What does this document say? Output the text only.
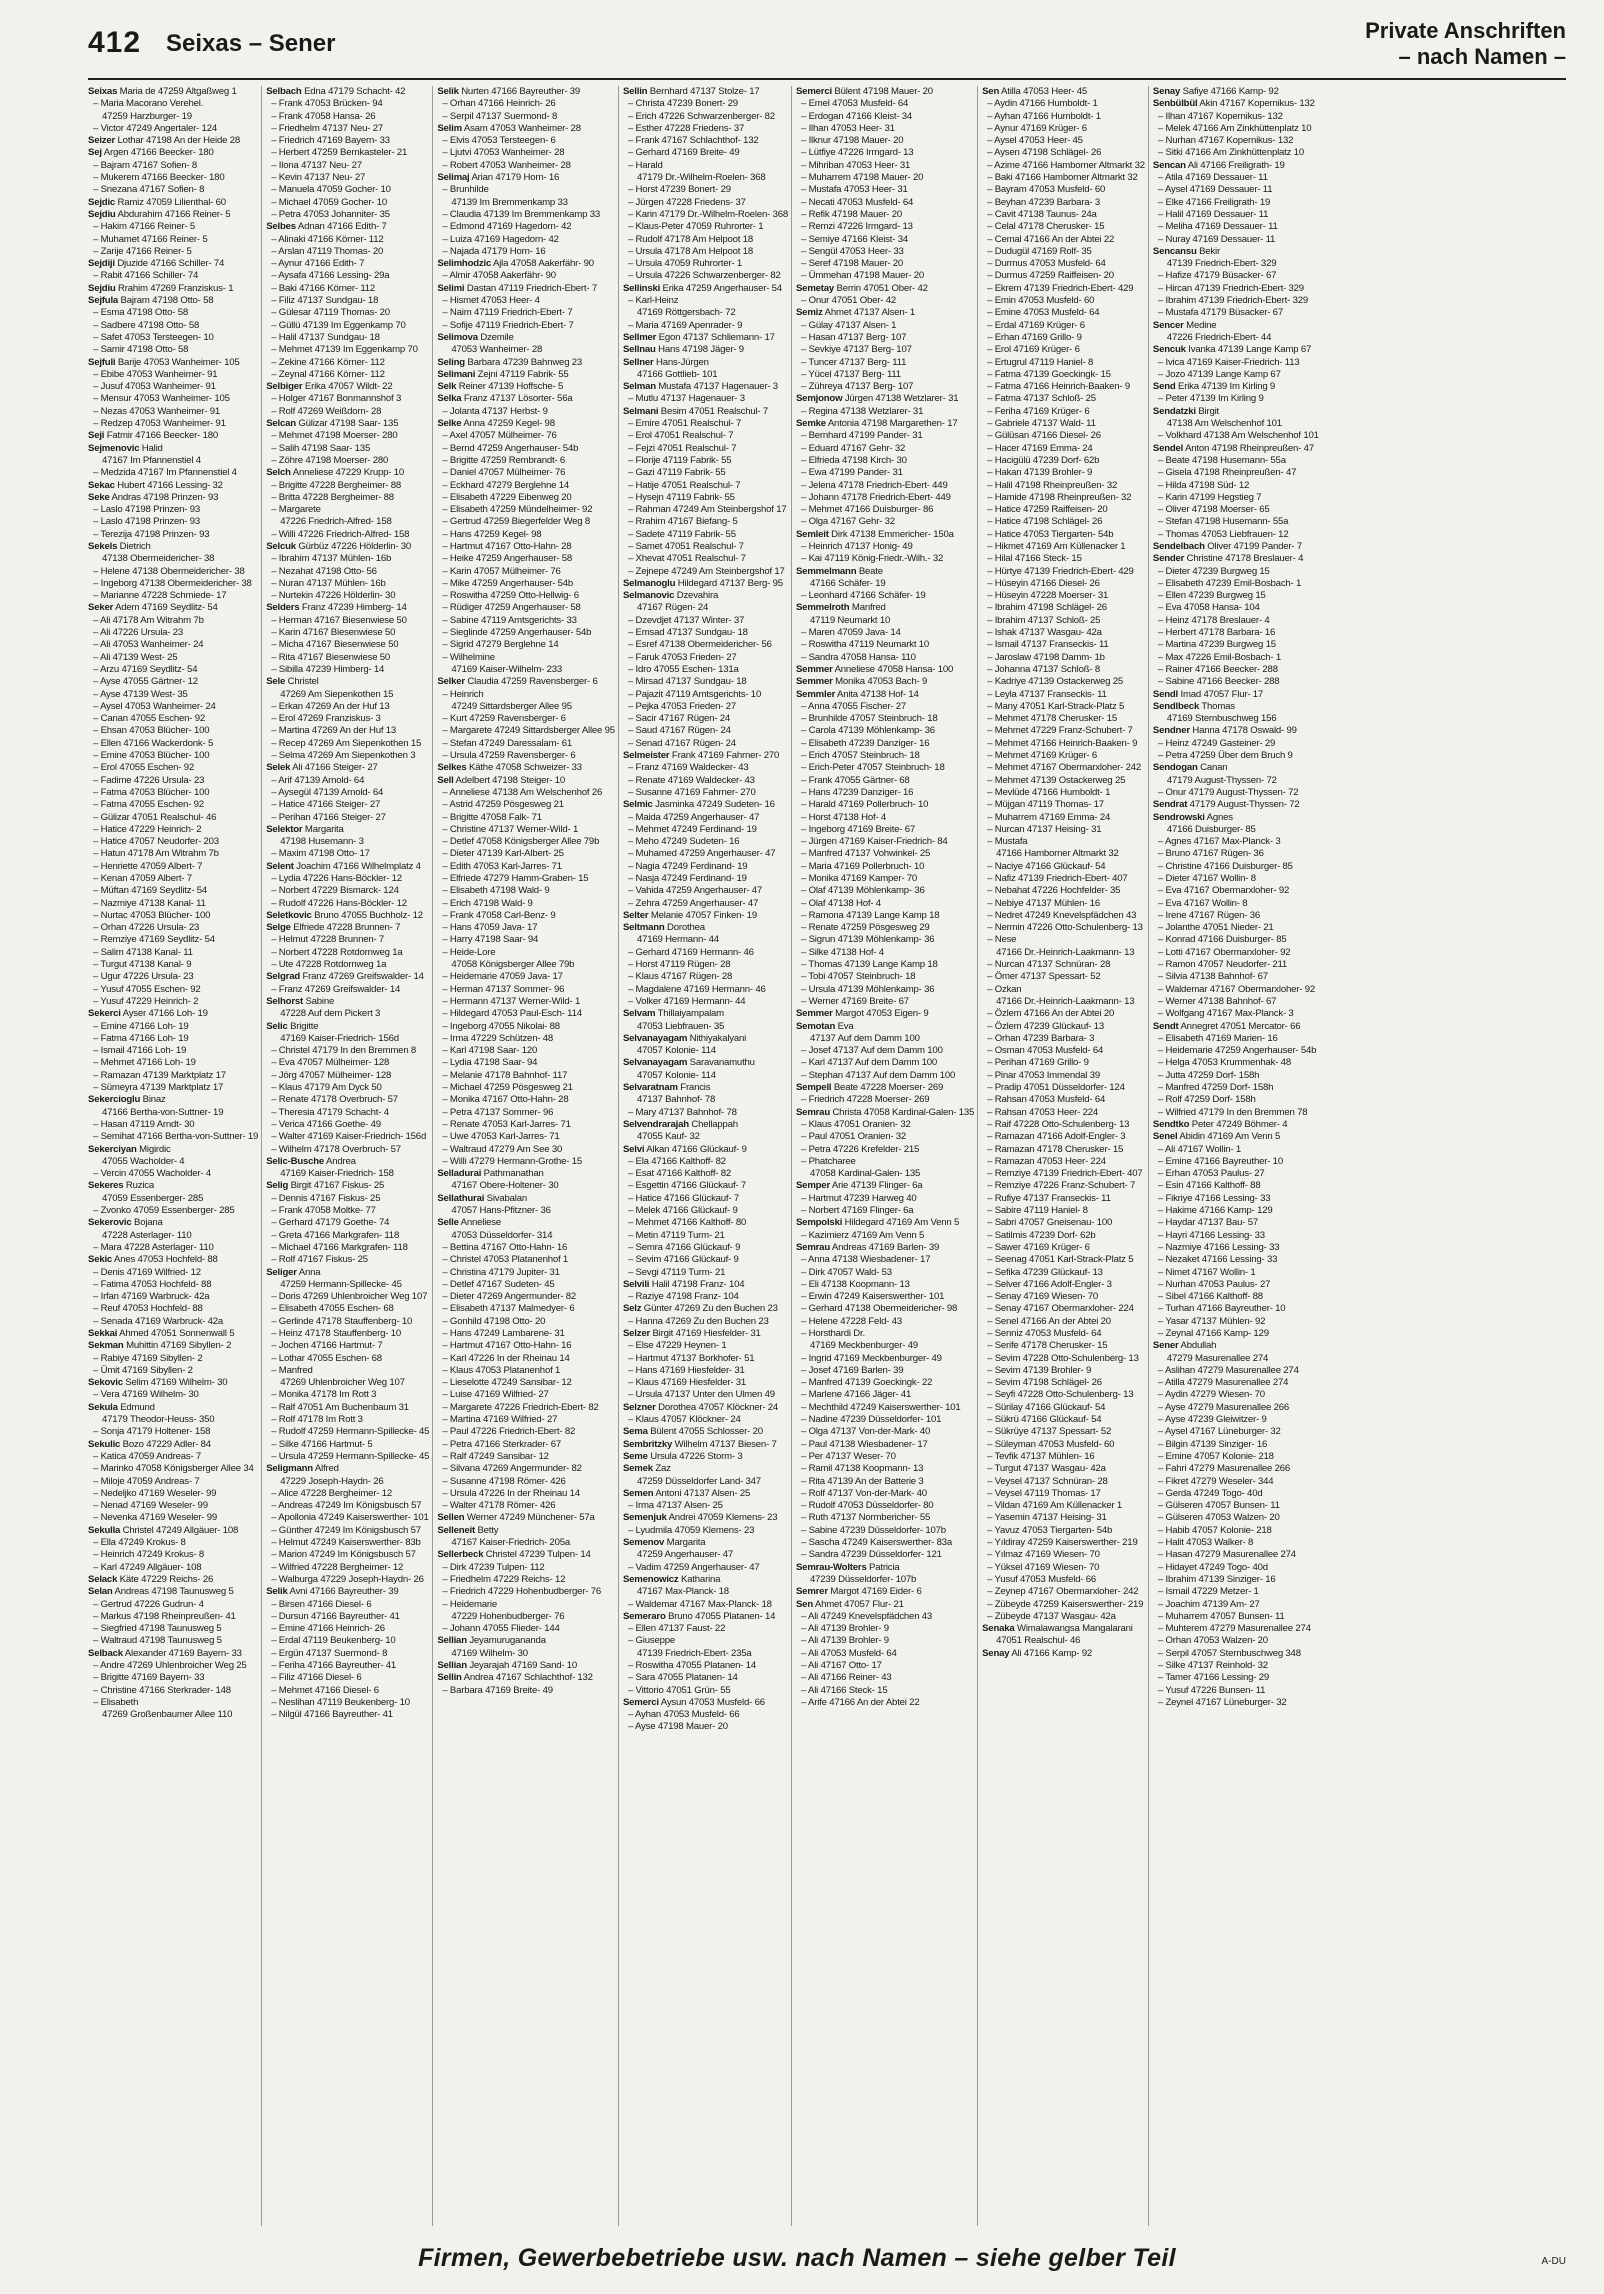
412 Seixas – Sener	Private Anschriften
– nach Namen –
Seixas Maria de 47259 Altgaßweg 1
– Maria Macorano Verehel.
47259 Harzburger- 19
– Victor 47249 Angertaler- 124
Seizer Lothar 47198 An der Heide 28
Sej Argen 47166 Beecker- 180
– Bajram 47167 Sofien- 8
– Mukerem 47166 Beecker- 180
– Snezana 47167 Sofien- 8
Sejdic Ramiz 47059 Lilienthal- 60
Sejdiu Abdurahim 47166 Reiner- 5
– Hakim 47166 Reiner- 5
– Muhamet 47166 Reiner- 5
– Zarije 47166 Reiner- 5
Sejdiji Djuzide 47166 Schiller- 74
– Rabit 47166 Schiller- 74
Sejdiu Rrahim 47269 Franziskus- 1
Sejfula Bajram 47198 Otto- 58
– Esma 47198 Otto- 58
– Sadbere 47198 Otto- 58
– Safet 47053 Tersteegen- 10
– Samir 47198 Otto- 58
Sejfuli Barije 47053 Wanheimer- 105
– Ebibe 47053 Wanheimer- 91
– Jusuf 47053 Wanheimer- 91
– Mensur 47053 Wanheimer- 105
– Nezas 47053 Wanheimer- 91
– Redzep 47053 Wanheimer- 91
Seji Fatmir 47166 Beecker- 180
Sejmenovic Halid
47167 Im Pfannenstiel 4
– Medzida 47167 Im Pfannenstiel 4
Sekac Hubert 47166 Lessing- 32
Seke Andras 47198 Prinzen- 93
– Laslo 47198 Prinzen- 93
– Laslo 47198 Prinzen- 93
– Terezija 47198 Prinzen- 93
Sekels Dietrich
47138 Obermeidericher- 38
– Helene 47138 Obermeidericher- 38
– Ingeborg 47138 Obermeidericher- 38
– Marianne 47228 Schmiede- 17
Seker Adem 47169 Seydlitz- 54
– Ali 47178 Am Witrahm 7b
– Ali 47226 Ursula- 23
– Ali 47053 Wanheimer- 24
– Ali 47139 West- 25
– Arzu 47169 Seydlitz- 54
– Ayse 47055 Gärtner- 12
– Ayse 47139 West- 35
– Aysel 47053 Wanheimer- 24
– Canan 47055 Eschen- 92
– Ehsan 47053 Blücher- 100
– Ellen 47166 Wackerdonk- 5
– Emine 47053 Blücher- 100
– Erol 47055 Eschen- 92
– Fadime 47226 Ursula- 23
– Fatma 47053 Blücher- 100
– Fatma 47055 Eschen- 92
– Gülizar 47051 Realschul- 46
– Hatice 47229 Heinrich- 2
– Hatice 47057 Neudorfer- 203
– Hatun 47178 Am Witrahm 7b
– Henriette 47059 Albert- 7
– Kenan 47059 Albert- 7
– Müftan 47169 Seydlitz- 54
– Nazmiye 47138 Kanal- 11
– Nurtac 47053 Blücher- 100
– Orhan 47226 Ursula- 23
– Remziye 47169 Seydlitz- 54
– Salim 47138 Kanal- 11
– Turgut 47138 Kanal- 9
– Ugur 47226 Ursula- 23
– Yusuf 47055 Eschen- 92
– Yusuf 47229 Heinrich- 2
Sekerci Ayser 47166 Loh- 19
– Emine 47166 Loh- 19
– Fatma 47166 Loh- 19
– Ismail 47166 Loh- 19
– Mehmet 47166 Loh- 19
– Ramazan 47139 Marktplatz 17
– Sümeyra 47139 Marktplatz 17
Sekercioglu Binaz
47166 Bertha-von-Suttner- 19
– Hasan 47119 Arndt- 30
– Semihat 47166 Bertha-von-Suttner- 19
Sekerciyan Migirdic
47055 Wacholder- 4
– Vercin 47055 Wacholder- 4
Sekeres Ruzica
47059 Essenberger- 285
– Zvonko 47059 Essenberger- 285
Sekerovic Bojana
47228 Asterlager- 110
– Mara 47228 Asterlager- 110
Sekic Anes 47053 Hochfeld- 88
– Denis 47169 Wilfried- 12
– Fatima 47053 Hochfeld- 88
– Irfan 47169 Warbruck- 42a
– Reuf 47053 Hochfeld- 88
– Senada 47169 Warbruck- 42a
Sekkai Ahmed 47051 Sonnenwall 5
Sekman Muhittin 47169 Sibyllen- 2
– Rabiye 47169 Sibyllen- 2
– Ümit 47169 Sibyllen- 2
Sekovic Selim 47169 Wilhelm- 30
– Vera 47169 Wilhelm- 30
Sekula Edmund
47179 Theodor-Heuss- 350
– Sonja 47179 Holtener- 158
Sekulic Bozo 47229 Adler- 84
– Katica 47059 Andreas- 7
– Marinko 47058 Königsberger Allee 34
– Miloje 47059 Andreas- 7
– Nedeljko 47169 Weseler- 99
– Nenad 47169 Weseler- 99
– Nevenka 47169 Weseler- 99
Sekulla Christel 47249 Allgäuer- 108
– Ella 47249 Krokus- 8
– Heinrich 47249 Krokus- 8
– Karl 47249 Allgäuer- 108
Selack Käte 47229 Reichs- 26
Selan Andreas 47198 Taunusweg 5
– Gertrud 47226 Gudrun- 4
– Markus 47198 Rheinpreußen- 41
– Siegfried 47198 Taunusweg 5
– Waltraud 47198 Taunusweg 5
Selback Alexander 47169 Bayern- 33
– Andre 47269 Uhlenbroicher Weg 25
– Brigitte 47169 Bayern- 33
– Christine 47166 Sterkrader- 148
– Elisabeth
47269 Großenbaumer Allee 110
Selbach Edna 47179 Schacht- 42
– Frank 47053 Brücken- 94
– Frank 47058 Hansa- 26
– Friedhelm 47137 Neu- 27
– Friedrich 47169 Bayern- 33
– Herbert 47259 Bernkasteler- 21
– Ilona 47137 Neu- 27
– Kevin 47137 Neu- 27
– Manuela 47059 Gocher- 10
– Michael 47059 Gocher- 10
– Petra 47053 Johanniter- 35
Selbes Adnan 47166 Edith- 7
– Alinaki 47166 Körner- 112
– Arslan 47119 Thomas- 20
– Aynur 47166 Edith- 7
– Aysafa 47166 Lessing- 29a
– Baki 47166 Körner- 112
– Filiz 47137 Sundgau- 18
– Gülesar 47119 Thomas- 20
– Güllü 47139 Im Eggenkamp 70
– Halil 47137 Sundgau- 18
– Mehmet 47139 Im Eggenkamp 70
– Zekine 47166 Körner- 112
– Zeynal 47166 Körner- 112
Selbiger Erika 47057 Wildt- 22
– Holger 47167 Bonmannshof 3
– Rolf 47269 Weißdorn- 28
Selcan Gülizar 47198 Saar- 135
– Mehmet 47198 Moerser- 280
– Salih 47198 Saar- 135
– Zöhre 47198 Moerser- 280
Selch Anneliese 47229 Krupp- 10
– Brigitte 47228 Bergheimer- 88
– Britta 47228 Bergheimer- 88
– Margarete
47226 Friedrich-Alfred- 158
– Willi 47226 Friedrich-Alfred- 158
Selcuk Gürbüz 47226 Hölderlin- 30
– Ibrahim 47137 Mühlen- 16b
– Nezahat 47198 Otto- 56
– Nuran 47137 Mühlen- 16b
– Nurtekin 47226 Hölderlin- 30
Selders Franz 47239 Himberg- 14
– Herman 47167 Biesenwiese 50
– Karin 47167 Biesenwiese 50
– Micha 47167 Biesenwiese 50
– Rita 47167 Biesenwiese 50
– Sibilla 47239 Himberg- 14
Sele Christel
47269 Am Siepenkothen 15
– Erkan 47269 An der Huf 13
– Erol 47269 Franziskus- 3
– Martina 47269 An der Huf 13
– Recep 47269 Am Siepenkothen 15
– Selma 47269 Am Siepenkothen 3
Selek Ali 47166 Steiger- 27
– Arif 47139 Arnold- 64
– Aysegül 47139 Arnold- 64
– Hatice 47166 Steiger- 27
– Perihan 47166 Steiger- 27
Selektor Margarita
47198 Husemann- 3
– Maxim 47198 Otto- 17
Selent Joachim 47166 Wilhelmplatz 4
– Lydia 47226 Hans-Böckler- 12
– Norbert 47229 Bismarck- 124
– Rudolf 47226 Hans-Böckler- 12
Seletkovic Bruno 47055 Buchholz- 12
Selge Elfriede 47228 Brunnen- 7
– Helmut 47228 Brunnen- 7
– Norbert 47228 Rotdornweg 1a
– Ute 47228 Rotdornweg 1a
Selgrad Franz 47269 Greifswalder- 14
– Franz 47269 Greifswalder- 14
Selhorst Sabine
47228 Auf dem Pickert 3
Selic Brigitte
47169 Kaiser-Friedrich- 156d
– Christel 47179 In den Bremmen 8
– Eva 47057 Mülheimer- 128
– Jörg 47057 Mülheimer- 128
– Klaus 47179 Am Dyck 50
– Renate 47178 Overbruch- 57
– Theresia 47179 Schacht- 4
– Verica 47166 Goethe- 49
– Walter 47169 Kaiser-Friedrich- 156d
– Wilhelm 47178 Overbruch- 57
Selic-Busche Andrea
47169 Kaiser-Friedrich- 158
Selig Birgit 47167 Fiskus- 25
– Dennis 47167 Fiskus- 25
– Frank 47058 Moltke- 77
– Gerhard 47179 Goethe- 74
– Greta 47166 Markgrafen- 118
– Michael 47166 Markgrafen- 118
– Rolf 47167 Fiskus- 25
Seliger Anna
47259 Hermann-Spillecke- 45
– Doris 47269 Uhlenbroicher Weg 107
– Elisabeth 47055 Eschen- 68
– Gerlinde 47178 Stauffenberg- 10
– Heinz 47178 Stauffenberg- 10
– Jochen 47166 Hartmut- 7
– Lothar 47055 Eschen- 68
– Manfred
47269 Uhlenbroicher Weg 107
– Monika 47178 Im Rott 3
– Ralf 47051 Am Buchenbaum 31
– Rolf 47178 Im Rott 3
– Rudolf 47259 Hermann-Spillecke- 45
– Silke 47166 Hartmut- 5
– Ursula 47259 Hermann-Spillecke- 45
Seligmann Alfred
47229 Joseph-Haydn- 26
– Alice 47228 Bergheimer- 12
– Andreas 47249 Im Königsbusch 57
– Apollonia 47249 Kaiserswerther- 101
– Günther 47249 Im Königsbusch 57
– Helmut 47249 Kaiserswerther- 83b
– Marion 47249 Im Königsbusch 57
– Wilfried 47228 Bergheimer- 12
– Walburga 47229 Joseph-Haydn- 26
Selik Avni 47166 Bayreuther- 39
– Birsen 47166 Diesel- 6
– Dursun 47166 Bayreuther- 41
– Emine 47166 Heinrich- 26
– Erdal 47119 Beukenberg- 10
– Ergün 47137 Suermond- 8
– Feriha 47166 Bayreuther- 41
– Filiz 47166 Diesel- 6
– Mehmet 47166 Diesel- 6
– Neslihan 47119 Beukenberg- 10
– Nilgül 47166 Bayreuther- 41
Selik Nurten 47166 Bayreuther- 39
– Orhan 47166 Heinrich- 26
– Serpil 47137 Suermond- 8
Selim Asam 47053 Wanheimer- 28
– Elvis 47053 Tersteegen- 6
– Ljutvi 47053 Wanheimer- 28
– Robert 47053 Wanheimer- 28
Selimaj Arian 47179 Horn- 16
– Brunhilde
47139 Im Bremmenkamp 33
– Claudia 47139 Im Bremmenkamp 33
– Edmond 47169 Hagedorn- 42
– Luiza 47169 Hagedorn- 42
– Najada 47179 Horn- 16
Selimhodzic Ajla 47058 Aakerfähr- 90
– Almir 47058 Aakerfähr- 90
Selimi Dastan 47119 Friedrich-Ebert- 7
– Hismet 47053 Heer- 4
– Naim 47119 Friedrich-Ebert- 7
– Sofije 47119 Friedrich-Ebert- 7
Selimova Dzemile
47053 Wanheimer- 28
Seling Barbara 47239 Bahnweg 23
Selimani Zejni 47119 Fabrik- 55
Selk Reiner 47139 Hoffsche- 5
Selka Franz 47137 Lösorter- 56a
– Jolanta 47137 Herbst- 9
Selke Anna 47259 Kegel- 98
– Axel 47057 Mülheimer- 76
– Bernd 47259 Angerhauser- 54b
– Brigitte 47259 Rembrandt- 6
– Daniel 47057 Mülheimer- 76
– Eckhard 47279 Berglehne 14
– Elisabeth 47229 Eibenweg 20
– Elisabeth 47259 Mündelheimer- 92
– Gertrud 47259 Biegerfelder Weg 8
– Hans 47259 Kegel- 98
– Hartmut 47167 Otto-Hahn- 28
– Heike 47259 Angerhauser- 58
– Karin 47057 Mülheimer- 76
– Mike 47259 Angerhauser- 54b
– Roswitha 47259 Otto-Hellwig- 6
– Rüdiger 47259 Angerhauser- 58
– Sabine 47119 Amtsgerichts- 33
– Sieglinde 47259 Angerhauser- 54b
– Sigrid 47279 Berglehne 14
– Wilhelmine
47169 Kaiser-Wilhelm- 233
Selker Claudia 47259 Ravensberger- 6
– Heinrich
47249 Sittardsberger Allee 95
– Kurt 47259 Ravensberger- 6
– Margarete 47249 Sittardsberger Allee 95
– Stefan 47249 Daressalam- 61
– Ursula 47259 Ravensberger- 6
Selkes Käthe 47058 Schweizer- 33
Sell Adelbert 47198 Steiger- 10
– Anneliese 47138 Am Welschenhof 26
– Astrid 47259 Pösgesweg 21
– Brigitte 47058 Falk- 71
– Christine 47137 Werner-Wild- 1
– Detlef 47058 Königsberger Allee 79b
– Dieter 47139 Karl-Albert- 25
– Edith 47053 Karl-Jarres- 71
– Elfriede 47279 Hamm-Graben- 15
– Elisabeth 47198 Wald- 9
– Erich 47198 Wald- 9
– Frank 47058 Carl-Benz- 9
– Hans 47059 Java- 17
– Harry 47198 Saar- 94
– Heide-Lore
47058 Königsberger Allee 79b
– Heidemarie 47059 Java- 17
– Herman 47137 Sommer- 96
– Hermann 47137 Werner-Wild- 1
– Hildegard 47053 Paul-Esch- 114
– Ingeborg 47055 Nikolai- 88
– Irma 47229 Schützen- 48
– Karl 47198 Saar- 120
– Lydia 47198 Saar- 94
– Melanie 47178 Bahnhof- 117
– Michael 47259 Pösgesweg 21
– Monika 47167 Otto-Hahn- 28
– Petra 47137 Sommer- 96
– Renate 47053 Karl-Jarres- 71
– Uwe 47053 Karl-Jarres- 71
– Waltraud 47279 Am See 30
– Willi 47279 Hermann-Grothe- 15
Selladurai Pathmanathan
47167 Obere-Holtener- 30
Sellathurai Sivabalan
47057 Hans-Pfitzner- 36
Selle Anneliese
47053 Düsseldorfer- 314
– Bettina 47167 Otto-Hahn- 16
– Christel 47053 Platanenhof 1
– Christina 47179 Jupiter- 31
– Detlef 47167 Sudeten- 45
– Dieter 47269 Angermunder- 82
– Elisabeth 47137 Malmedyer- 6
– Gonhild 47198 Otto- 20
– Hans 47249 Lambarene- 31
– Hartmut 47167 Otto-Hahn- 16
– Karl 47226 In der Rheinau 14
– Klaus 47053 Platanenhof 1
– Lieselotte 47249 Sansibar- 12
– Luise 47169 Wilfried- 27
– Margarete 47226 Friedrich-Ebert- 82
– Martina 47169 Wilfried- 27
– Paul 47226 Friedrich-Ebert- 82
– Petra 47166 Sterkrader- 67
– Ralf 47249 Sansibar- 12
– Silvana 47269 Angermunder- 82
– Susanne 47198 Römer- 426
– Ursula 47226 In der Rheinau 14
– Walter 47178 Römer- 426
Sellen Werner 47249 Münchener- 57a
Selleneit Betty
47167 Kaiser-Friedrich- 205a
Sellerbeck Christel 47239 Tulpen- 14
– Dirk 47239 Tulpen- 112
– Friedhelm 47229 Reichs- 12
– Friedrich 47229 Hohenbudberger- 76
– Heidemarie
47229 Hohenbudberger- 76
– Johann 47055 Flieder- 144
Sellian Jeyamurugananda
47169 Wilhelm- 30
Sellian Jeyarajah 47169 Sand- 10
Sellin Andrea 47167 Schlachthof- 132
– Barbara 47169 Breite- 49
Sellin Bernhard 47137 Stolze- 17
– Christa 47239 Bonert- 29
– Erich 47226 Schwarzenberger- 82
– Esther 47228 Friedens- 37
– Frank 47167 Schlachthof- 132
– Gerhard 47169 Breite- 49
– Harald
47179 Dr.-Wilhelm-Roelen- 368
– Horst 47239 Bonert- 29
– Jürgen 47228 Friedens- 37
– Karin 47179 Dr.-Wilhelm-Roelen- 368
– Klaus-Peter 47059 Ruhrorter- 1
– Rudolf 47178 Am Helpoot 18
– Ursula 47178 Am Helpoot 18
– Ursula 47059 Ruhrorter- 1
– Ursula 47226 Schwarzenberger- 82
Sellinski Erika 47259 Angerhauser- 54
– Karl-Heinz
47169 Röttgersbach- 72
– Maria 47169 Apenrader- 9
Sellmer Egon 47137 Schliemann- 17
Sellnau Hans 47198 Jäger- 9
Sellner Hans-Jürgen
47166 Gottlieb- 101
Selman Mustafa 47137 Hagenauer- 3
– Mutlu 47137 Hagenauer- 3
Selmani Besim 47051 Realschul- 7
– Emire 47051 Realschul- 7
– Erol 47051 Realschul- 7
– Fejzi 47051 Realschul- 7
– Florije 47119 Fabrik- 55
– Gazi 47119 Fabrik- 55
– Hatije 47051 Realschul- 7
– Hysejn 47119 Fabrik- 55
– Rahman 47249 Am Steinbergshof 17
– Rrahim 47167 Biefang- 5
– Sadete 47119 Fabrik- 55
– Samet 47051 Realschul- 7
– Xhevat 47051 Realschul- 7
– Zejnepe 47249 Am Steinbergshof 17
Selmanoglu Hildegard 47137 Berg- 95
Selmanovic Dzevahira
47167 Rügen- 24
– Dzevdjet 47137 Winter- 37
– Emsad 47137 Sundgau- 18
– Esref 47138 Obermeidericher- 56
– Faruk 47053 Frieden- 27
– Idro 47055 Eschen- 131a
– Mirsad 47137 Sundgau- 18
– Pajazit 47119 Amtsgerichts- 10
– Pejka 47053 Frieden- 27
– Sacir 47167 Rügen- 24
– Saud 47167 Rügen- 24
– Senad 47167 Rügen- 24
Selmeister Frank 47169 Fahrner- 270
– Franz 47169 Waldecker- 43
– Renate 47169 Waldecker- 43
– Susanne 47169 Fahrner- 270
Selmic Jasminka 47249 Sudeten- 16
– Maida 47259 Angerhauser- 47
– Mehmet 47249 Ferdinand- 19
– Meho 47249 Sudeten- 16
– Muhamed 47259 Angerhauser- 47
– Nagia 47249 Ferdinand- 19
– Nasja 47249 Ferdinand- 19
– Vahida 47259 Angerhauser- 47
– Zehra 47259 Angerhauser- 47
Selter Melanie 47057 Finken- 19
Seltmann Dorothea
47169 Hermann- 44
– Gerhard 47169 Hermann- 46
– Horst 47119 Rügen- 28
– Klaus 47167 Rügen- 28
– Magdalene 47169 Hermann- 46
– Volker 47169 Hermann- 44
Selvam Thillaiyampalam
47053 Liebfrauen- 35
Selvanayagam Nithiyakalyani
47057 Kolonie- 114
Selvanayagam Saravanamuthu
47057 Kolonie- 114
Selvaratnam Francis
47137 Bahnhof- 78
– Mary 47137 Bahnhof- 78
Selvendrarajah Chellappah
47055 Kauf- 32
Selvi Alkan 47166 Glückauf- 9
– Ela 47166 Kalthoff- 82
– Esat 47166 Kalthoff- 82
– Esgettin 47166 Glückauf- 7
– Hatice 47166 Glückauf- 7
– Melek 47166 Glückauf- 9
– Mehmet 47166 Kalthoff- 80
– Metin 47119 Turm- 21
– Semra 47166 Glückauf- 9
– Sevim 47166 Glückauf- 9
– Sevgi 47119 Turm- 21
Selvili Halil 47198 Franz- 104
– Raziye 47198 Franz- 104
Selz Günter 47269 Zu den Buchen 23
– Hanna 47269 Zu den Buchen 23
Selzer Birgit 47169 Hiesfelder- 31
– Else 47229 Heynen- 1
– Hartmut 47137 Borkhofer- 51
– Hans 47169 Hiesfelder- 31
– Klaus 47169 Hiesfelder- 31
– Ursula 47137 Unter den Ulmen 49
Selzner Dorothea 47057 Klöckner- 24
– Klaus 47057 Klöckner- 24
Sema Bülent 47055 Schlosser- 20
Sembritzky Wilhelm 47137 Biesen- 7
Seme Ursula 47226 Storm- 3
Semek Zaz
47259 Düsseldorfer Land- 347
Semen Antoni 47137 Alsen- 25
– Irma 47137 Alsen- 25
Semenjuk Andrei 47059 Klemens- 23
– Lyudmila 47059 Klemens- 23
Semenov Margarita
47259 Angerhauser- 47
– Vadim 47259 Angerhauser- 47
Semenowicz Katharina
47167 Max-Planck- 18
– Waldemar 47167 Max-Planck- 18
Semeraro Bruno 47055 Platanen- 14
– Ellen 47137 Faust- 22
– Giuseppe
47139 Friedrich-Ebert- 235a
– Roswitha 47055 Platanen- 14
– Sara 47055 Platanen- 14
– Vittorio 47051 Grün- 55
Semerci Aysun 47053 Musfeld- 66
– Ayhan 47053 Musfeld- 66
– Ayse 47198 Mauer- 20
Semerci Bülent 47198 Mauer- 20
– Emel 47053 Musfeld- 64
– Erdogan 47166 Kleist- 34
– Ilhan 47053 Heer- 31
– Ilknur 47198 Mauer- 20
– Lütfiye 47226 Irmgard- 13
– Mihriban 47053 Heer- 31
– Muharrem 47198 Mauer- 20
– Mustafa 47053 Heer- 31
– Necati 47053 Musfeld- 64
– Refik 47198 Mauer- 20
– Remzi 47226 Irmgard- 13
– Semiye 47166 Kleist- 34
– Sengül 47053 Heer- 33
– Seref 47198 Mauer- 20
– Ümmehan 47198 Mauer- 20
Semetay Berrin 47051 Ober- 42
– Onur 47051 Ober- 42
Semiz Ahmet 47137 Alsen- 1
– Gülay 47137 Alsen- 1
– Hasan 47137 Berg- 107
– Sevkiye 47137 Berg- 107
– Tuncer 47137 Berg- 111
– Yücel 47137 Berg- 111
– Zühreya 47137 Berg- 107
Semjonow Jürgen 47138 Wetzlarer- 31
– Regina 47138 Wetzlarer- 31
Semke Antonia 47198 Margarethen- 17
– Bernhard 47199 Pander- 31
– Eduard 47167 Gehr- 32
– Elfrieda 47198 Kirch- 30
– Ewa 47199 Pander- 31
– Jelena 47178 Friedrich-Ebert- 449
– Johann 47178 Friedrich-Ebert- 449
– Mehmet 47166 Duisburger- 86
– Olga 47167 Gehr- 32
Semleit Dirk 47138 Emmericher- 150a
– Heinrich 47137 Honig- 49
– Kai 47119 König-Friedr.-Wilh.- 32
Semmelmann Beate
47166 Schäfer- 19
– Leonhard 47166 Schäfer- 19
Semmelroth Manfred
47119 Neumarkt 10
– Maren 47059 Java- 14
– Roswitha 47119 Neumarkt 10
– Sandra 47058 Hansa- 110
Semmer Anneliese 47058 Hansa- 100
Semmer Monika 47053 Bach- 9
Semmler Anita 47138 Hof- 14
– Anna 47055 Fischer- 27
– Brunhilde 47057 Steinbruch- 18
– Carola 47139 Möhlenkamp- 36
– Elisabeth 47239 Danziger- 16
– Erich 47057 Steinbruch- 18
– Erich-Peter 47057 Steinbruch- 18
– Frank 47055 Gärtner- 68
– Hans 47239 Danziger- 16
– Harald 47169 Pollerbruch- 10
– Horst 47138 Hof- 4
– Ingeborg 47169 Breite- 67
– Jürgen 47169 Kaiser-Friedrich- 84
– Manfred 47137 Vohwinkel- 25
– Maria 47169 Pollerbruch- 10
– Monika 47169 Kamper- 70
– Olaf 47139 Möhlenkamp- 36
– Olaf 47138 Hof- 4
– Ramona 47139 Lange Kamp 18
– Renate 47259 Pösgesweg 29
– Sigrun 47139 Möhlenkamp- 36
– Silke 47138 Hof- 4
– Thomas 47139 Lange Kamp 18
– Tobi 47057 Steinbruch- 18
– Ursula 47139 Möhlenkamp- 36
– Werner 47169 Breite- 67
Semmer Margot 47053 Eigen- 9
Semotan Eva
47137 Auf dem Damm 100
– Josef 47137 Auf dem Damm 100
– Karl 47137 Auf dem Damm 100
– Stephan 47137 Auf dem Damm 100
Sempell Beate 47228 Moerser- 269
– Friedrich 47228 Moerser- 269
Semrau Christa 47058 Kardinal-Galen- 135
– Klaus 47051 Oranien- 32
– Paul 47051 Oranien- 32
– Petra 47226 Krefelder- 215
– Phatcharee
47058 Kardinal-Galen- 135
Semper Arie 47139 Flinger- 6a
– Hartmut 47239 Harweg 40
– Norbert 47169 Flinger- 6a
Sempolski Hildegard 47169 Am Venn 5
– Kazimierz 47169 Am Venn 5
Semrau Andreas 47169 Barlen- 39
– Anna 47138 Wiesbadener- 17
– Dirk 47057 Wald- 53
– Eli 47138 Koopmann- 13
– Erwin 47249 Kaiserswerther- 101
– Gerhard 47138 Obermeidericher- 98
– Helene 47228 Feld- 43
– Horsthardi Dr.
47169 Meckbenburger- 49
– Ingrid 47169 Meckbenburger- 49
– Josef 47169 Barlen- 39
– Manfred 47139 Goeckingk- 22
– Marlene 47166 Jäger- 41
– Mechthild 47249 Kaiserswerther- 101
– Nadine 47239 Düsseldorfer- 101
– Olga 47137 Von-der-Mark- 40
– Paul 47138 Wiesbadener- 17
– Per 47137 Weser- 70
– Ramil 47138 Koopmann- 13
– Rita 47139 An der Batterie 3
– Rolf 47137 Von-der-Mark- 40
– Rudolf 47053 Düsseldorfer- 80
– Ruth 47137 Normbericher- 55
– Sabine 47239 Düsseldorfer- 107b
– Sascha 47249 Kaiserswerther- 83a
– Sandra 47239 Düsseldorfer- 121
Semrau-Wolters Patricia
47239 Düsseldorfer- 107b
Semrer Margot 47169 Eider- 6
Sen Ahmet 47057 Flur- 21
– Ali 47249 Knevelspfädchen 43
– Ali 47139 Brohler- 9
– Ali 47139 Brohler- 9
– Ali 47053 Musfeld- 64
– Ali 47167 Otto- 17
– Ali 47166 Reiner- 43
– Ali 47166 Steck- 15
– Arife 47166 An der Abtei 22
Sen Atilla 47053 Heer- 45
– Aydin 47166 Humboldt- 1
– Ayhan 47166 Humboldt- 1
– Aynur 47169 Krüger- 6
– Aysel 47053 Heer- 45
– Aysen 47198 Schlägel- 26
– Azime 47166 Hamborner Altmarkt 32
– Baki 47166 Hamborner Altmarkt 32
– Bayram 47053 Musfeld- 60
– Beyhan 47239 Barbara- 3
– Cavit 47138 Taunus- 24a
– Celal 47178 Cherusker- 15
– Cemal 47166 An der Abtei 22
– Dudugül 47169 Rolf- 35
– Durmus 47053 Musfeld- 64
– Durmus 47259 Raiffeisen- 20
– Ekrem 47139 Friedrich-Ebert- 429
– Emin 47053 Musfeld- 60
– Emine 47053 Musfeld- 64
– Erdal 47169 Krüger- 6
– Erhan 47169 Grillo- 9
– Erol 47169 Krüger- 6
– Ertugrul 47119 Haniel- 8
– Fatma 47139 Goeckingk- 15
– Fatma 47166 Heinrich-Baaken- 9
– Fatma 47137 Schloß- 25
– Feriha 47169 Krüger- 6
– Gabriele 47137 Wald- 11
– Gülüsan 47166 Diesel- 26
– Hacer 47169 Emma- 24
– Hacigülü 47239 Dorf- 62b
– Hakan 47139 Brohler- 9
– Halil 47198 Rheinpreußen- 32
– Hamide 47198 Rheinpreußen- 32
– Hatice 47259 Raiffeisen- 20
– Hatice 47198 Schlägel- 26
– Hatice 47053 Tiergarten- 54b
– Hikmet 47169 Am Küllenacker 1
– Hilal 47166 Steck- 15
– Hürtye 47139 Friedrich-Ebert- 429
– Hüseyin 47166 Diesel- 26
– Hüseyin 47228 Moerser- 31
– Ibrahim 47198 Schlägel- 26
– Ibrahim 47137 Schloß- 25
– Ishak 47137 Wasgau- 42a
– Ismail 47137 Franseckis- 11
– Jaroslaw 47198 Damm- 1b
– Johanna 47137 Schloß- 8
– Kadriye 47139 Ostackerweg 25
– Leyla 47137 Franseckis- 11
– Many 47051 Karl-Strack-Platz 5
– Mehmet 47178 Cherusker- 15
– Mehmet 47229 Franz-Schubert- 7
– Mehmet 47166 Heinrich-Baaken- 9
– Mehmet 47169 Krüger- 6
– Mehmet 47167 Obermarxloher- 242
– Mehmet 47139 Ostackerweg 25
– Mevlüde 47166 Humboldt- 1
– Müjgan 47119 Thomas- 17
– Muharrem 47169 Emma- 24
– Nurcan 47137 Heising- 31
– Mustafa
47166 Hamborner Altmarkt 32
– Naciye 47166 Glückauf- 54
– Nafiz 47139 Friedrich-Ebert- 407
– Nebahat 47226 Hochfelder- 35
– Nebiye 47137 Mühlen- 16
– Nedret 47249 Knevelspfädchen 43
– Nermin 47226 Otto-Schulenberg- 13
– Nese
47166 Dr.-Heinrich-Laakmann- 13
– Nurcan 47137 Schnüran- 28
– Ömer 47137 Spessart- 52
– Ozkan
47166 Dr.-Heinrich-Laakmann- 13
– Özlem 47166 An der Abtei 20
– Özlem 47239 Glückauf- 13
– Orhan 47239 Barbara- 3
– Osman 47053 Musfeld- 64
– Perihan 47169 Grillo- 9
– Pinar 47053 Immendal 39
– Pradip 47051 Düsseldorfer- 124
– Rahsan 47053 Musfeld- 64
– Rahsan 47053 Heer- 224
– Raif 47228 Otto-Schulenberg- 13
– Ramazan 47166 Adolf-Engler- 3
– Ramazan 47178 Cherusker- 15
– Ramazan 47053 Heer- 224
– Remziye 47139 Friedrich-Ebert- 407
– Remziye 47226 Franz-Schubert- 7
– Rufiye 47137 Franseckis- 11
– Sabire 47119 Haniel- 8
– Sabri 47057 Gneisenau- 100
– Satilmis 47239 Dorf- 62b
– Sawer 47169 Krüger- 6
– Seenag 47051 Karl-Strack-Platz 5
– Sefika 47239 Glückauf- 13
– Selver 47166 Adolf-Engler- 3
– Senay 47169 Wiesen- 70
– Senay 47167 Obermarxloher- 224
– Senel 47166 An der Abtei 20
– Senniz 47053 Musfeld- 64
– Serife 47178 Cherusker- 15
– Sevim 47228 Otto-Schulenberg- 13
– Sevim 47139 Brohler- 9
– Sevim 47198 Schlägel- 26
– Seyfi 47228 Otto-Schulenberg- 13
– Sürilay 47166 Glückauf- 54
– Sükrü 47166 Glückauf- 54
– Sükrüye 47137 Spessart- 52
– Süleyman 47053 Musfeld- 60
– Tevfik 47137 Mühlen- 16
– Turgut 47137 Wasgau- 42a
– Veysel 47137 Schnüran- 28
– Veysel 47119 Thomas- 17
– Vildan 47169 Am Küllenacker 1
– Yasemin 47137 Heising- 31
– Yavuz 47053 Tiergarten- 54b
– Yıldiray 47259 Kaiserswerther- 219
– Yılmaz 47169 Wiesen- 70
– Yüksel 47169 Wiesen- 70
– Yusuf 47053 Musfeld- 66
– Zeynep 47167 Obermarxloher- 242
– Zübeyde 47259 Kaiserswerther- 219
– Zübeyde 47137 Wasgau- 42a
Senaka Wimalawangsa Mangalarani
47051 Realschul- 46
Senay Ali 47166 Kamp- 92
Senay Safiye 47166 Kamp- 92
Senbülbül Akin 47167 Kopernikus- 132
– Ilhan 47167 Kopernikus- 132
– Melek 47166 Am Zinkhüttenplatz 10
– Nurhan 47167 Kopernikus- 132
– Sitki 47166 Am Zinkhüttenplatz 10
Sencan Ali 47166 Freiligrath- 19
– Atila 47169 Dessauer- 11
– Aysel 47169 Dessauer- 11
– Elke 47166 Freiligrath- 19
– Halil 47169 Dessauer- 11
– Meliha 47169 Dessauer- 11
– Nuray 47169 Dessauer- 11
Sencansu Bekir
47139 Friedrich-Ebert- 329
– Hafize 47179 Büsacker- 67
– Hircan 47139 Friedrich-Ebert- 329
– Ibrahim 47139 Friedrich-Ebert- 329
– Mustafa 47179 Büsacker- 67
Sencer Medine
47226 Friedrich-Ebert- 44
Sencuk Ivanka 47139 Lange Kamp 67
– Ivica 47169 Kaiser-Friedrich- 113
– Jozo 47139 Lange Kamp 67
Send Erika 47139 Im Kirling 9
– Peter 47139 Im Kirling 9
Sendatzki Birgit
47138 Am Welschenhof 101
– Volkhard 47138 Am Welschenhof 101
Sendel Anton 47198 Rheinpreußen- 47
– Beate 47198 Husemann- 55a
– Gisela 47198 Rheinpreußen- 47
– Hilda 47198 Süd- 12
– Karin 47199 Hegstieg 7
– Oliver 47198 Moerser- 65
– Stefan 47198 Husemann- 55a
– Thomas 47053 Liebfrauen- 12
Sendelbach Oliver 47199 Pander- 7
Sender Christine 47178 Breslauer- 4
– Dieter 47239 Burgweg 15
– Elisabeth 47239 Emil-Bosbach- 1
– Ellen 47239 Burgweg 15
– Eva 47058 Hansa- 104
– Heinz 47178 Breslauer- 4
– Herbert 47178 Barbara- 16
– Martina 47239 Burgweg 15
– Max 47226 Emil-Bosbach- 1
– Rainer 47166 Beecker- 288
– Sabine 47166 Beecker- 288
Sendl Imad 47057 Flur- 17
Sendlbeck Thomas
47169 Sternbuschweg 156
Sendner Hanna 47178 Oswald- 99
– Heinz 47249 Gasteiner- 29
– Petra 47259 Über dem Bruch 9
Sendogan Canan
47179 August-Thyssen- 72
– Onur 47179 August-Thyssen- 72
Sendrat 47179 August-Thyssen- 72
Sendrowski Agnes
47166 Duisburger- 85
– Agnes 47167 Max-Planck- 3
– Bruno 47167 Rügen- 36
– Christine 47166 Duisburger- 85
– Dieter 47167 Wollin- 8
– Eva 47167 Obermarxloher- 92
– Eva 47167 Wollin- 8
– Irene 47167 Rügen- 36
– Jolanthe 47051 Nieder- 21
– Konrad 47166 Duisburger- 85
– Lotti 47167 Obermarxloher- 92
– Ramon 47057 Neudorfer- 211
– Silvia 47138 Bahnhof- 67
– Waldemar 47167 Obermarxloher- 92
– Werner 47138 Bahnhof- 67
– Wolfgang 47167 Max-Planck- 3
Sendt Annegret 47051 Mercator- 66
– Elisabeth 47169 Marien- 16
– Heidemarie 47259 Angerhauser- 54b
– Helga 47053 Krummenhak- 48
– Jutta 47259 Dorf- 158h
– Manfred 47259 Dorf- 158h
– Rolf 47259 Dorf- 158h
– Wilfried 47179 In den Bremmen 78
Sendtko Peter 47249 Böhmer- 4
Senel Abidin 47169 Am Venn 5
– Ali 47167 Wollin- 1
– Emine 47166 Bayreuther- 10
– Erhan 47053 Paulus- 27
– Esin 47166 Kalthoff- 88
– Fikriye 47166 Lessing- 33
– Hakime 47166 Kamp- 129
– Haydar 47137 Bau- 57
– Hayri 47166 Lessing- 33
– Nazmiye 47166 Lessing- 33
– Nezaket 47166 Lessing- 33
– Nimet 47167 Wollin- 1
– Nurhan 47053 Paulus- 27
– Sibel 47166 Kalthoff- 88
– Turhan 47166 Bayreuther- 10
– Yasar 47137 Mühlen- 92
– Zeynal 47166 Kamp- 129
Sener Abdullah
47279 Masurenallee 274
– Aslihan 47279 Masurenallee 274
– Atilla 47279 Masurenallee 274
– Aydin 47279 Wiesen- 70
– Ayse 47279 Masurenallee 266
– Ayse 47239 Gleiwitzer- 9
– Aysel 47167 Lüneburger- 32
– Bilgin 47139 Sinziger- 16
– Emine 47057 Kolonie- 218
– Fahri 47279 Masurenallee 266
– Fikret 47279 Weseler- 344
– Gerda 47249 Togo- 40d
– Gülseren 47057 Bunsen- 11
– Gülseren 47053 Walzen- 20
– Habib 47057 Kolonie- 218
– Halit 47053 Walker- 8
– Hasan 47279 Masurenallee 274
– Hidayet 47249 Togo- 40d
– Ibrahim 47139 Sinziger- 16
– Ismail 47229 Metzer- 1
– Joachim 47139 Am- 27
– Muharrem 47057 Bunsen- 11
– Muhterem 47279 Masurenallee 274
– Orhan 47053 Walzen- 20
– Serpil 47057 Sternbuschweg 348
– Silke 47137 Reinhold- 32
– Tamer 47166 Lessing- 29
– Yusuf 47226 Bunsen- 11
– Zeynel 47167 Lüneburger- 32
Firmen, Gewerbebetriebe usw. nach Namen – siehe gelber Teil	A-DU
